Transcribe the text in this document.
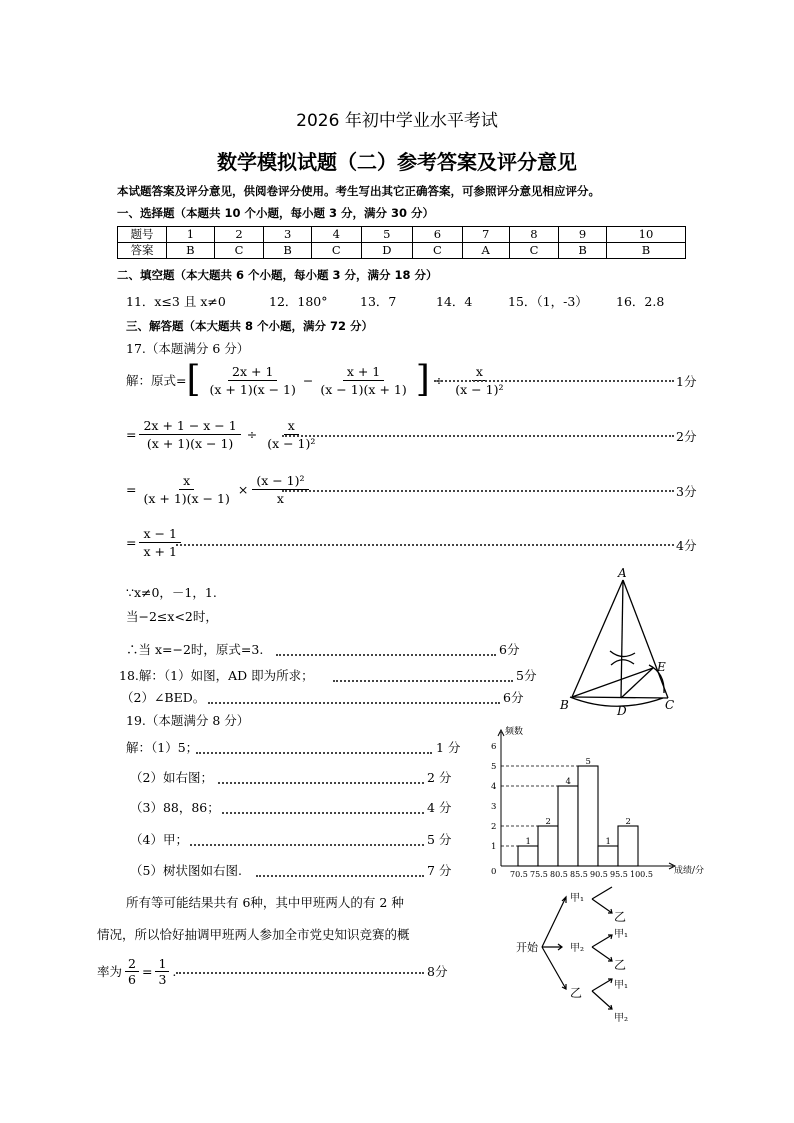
2026 年初中学业水平考试
数学模拟试题（二）参考答案及评分意见
本试题答案及评分意见，供阅卷评分使用。考生写出其它正确答案，可参照评分意见相应评分。
一、选择题（本题共 10 个小题，每小题 3 分，满分 30 分）
题号	1	2	3	4	5	6	7	8	9	10
答案	B	C	B	C	D	C	A	C	B	B
二、填空题（本大题共 6 个小题，每小题 3 分，满分 18 分）
11．x≤3 且 x≠0	12．180°	13．7	14．4	15．（1，-3） 16．2.8
三、解答题（本大题共 8 个小题，满分 72 分）
17.（本题满分 6 分）
解：原式= [ $\frac{2x + 1}{(x + 1)(x - 1)} - \frac{x + 1}{(x - 1)(x + 1)}$ ] ÷ $\frac{x}{\text{(x − 1)²}}$	1分
= $\frac{2x + 1 - x - 1}{(x + 1)(x - 1)} \div \frac{x}{\text{(x − 1)²}}$	2分
= $\frac{x}{(x + 1)(x - 1)} \times \frac{\text{(x − 1)²}}{x}$	3分
= $\frac{x - 1}{x + 1}$	4分
∵x≠0，－1，1.
当−2≤x<2时，
∴当 x=−2时，原式=3.	6分
18.解：（1）如图，AD 即为所求；	5分
（2）∠BED。	6分
A
B	C
D
E
19.（本题满分 8 分）
解：（1）5；	1 分
（2）如右图；	2 分
（3）88，86；	4 分
（4）甲；	5 分
（5）树状图如右图.	7 分
所有等可能结果共有 6种，其中甲班两人的有 2 种
情况，所以恰好抽调甲班两人参加全市党史知识竞赛的概
率为 $\frac{2}{6} = \frac{1}{3}$ .	8分
0
1
2
3
4
5
6
1
2
4
5
1
2
70.5 75.5 80.5 85.5 90.5 95.5 100.5
频数
成绩/分
开始
甲₁
甲₂
乙
乙
甲₁
乙
甲₁
甲₂
